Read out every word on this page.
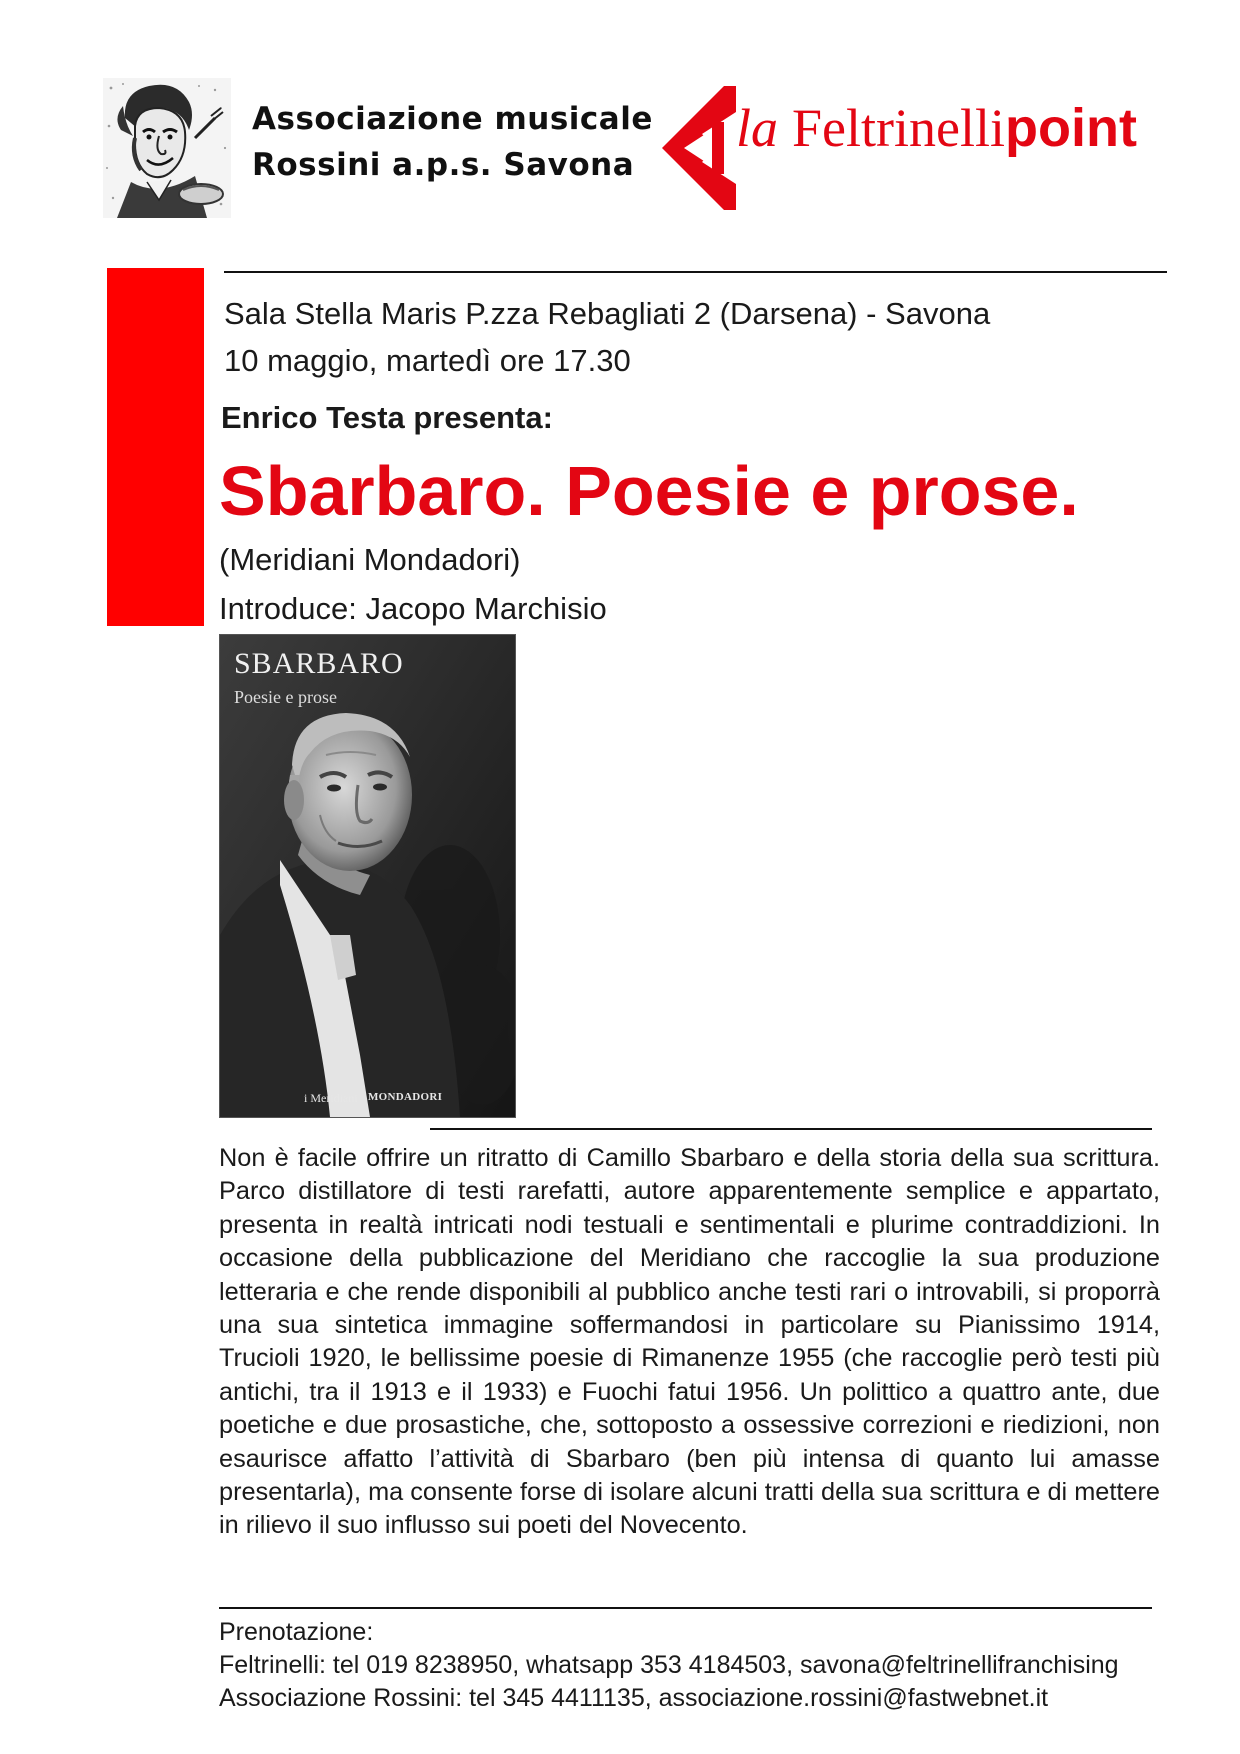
Associazione musicale
Rossini a.p.s. Savona
la Feltrinellipoint
Sala Stella Maris P.zza Rebagliati 2 (Darsena) - Savona
10 maggio, martedì ore 17.30
Enrico Testa presenta:
Sbarbaro. Poesie e prose.
(Meridiani Mondadori)
Introduce: Jacopo Marchisio
SBARBARO
Poesie e prose
i Meridiani MONDADORI
Non è facile offrire un ritratto di Camillo Sbarbaro e della storia della sua scrittura. Parco distillatore di testi rarefatti, autore apparentemente semplice e appartato, presenta in realtà intricati nodi testuali e sentimentali e plurime contraddizioni. In occasione della pubblicazione del Meridiano che raccoglie la sua produzione letteraria e che rende disponibili al pubblico anche testi rari o introvabili, si proporrà una sua sintetica immagine soffermandosi in particolare su Pianissimo 1914, Trucioli 1920, le bellissime poesie di Rimanenze 1955 (che raccoglie però testi più antichi, tra il 1913 e il 1933) e Fuochi fatui 1956. Un polittico a quattro ante, due poetiche e due prosastiche, che, sottoposto a ossessive correzioni e riedizioni, non esaurisce affatto l’attività di Sbarbaro (ben più intensa di quanto lui amasse presentarla), ma consente forse di isolare alcuni tratti della sua scrittura e di mettere in rilievo il suo influsso sui poeti del Novecento.
Prenotazione:
Feltrinelli: tel 019 8238950, whatsapp 353 4184503, savona@feltrinellifranchising
Associazione Rossini: tel 345 4411135, associazione.rossini@fastwebnet.it
